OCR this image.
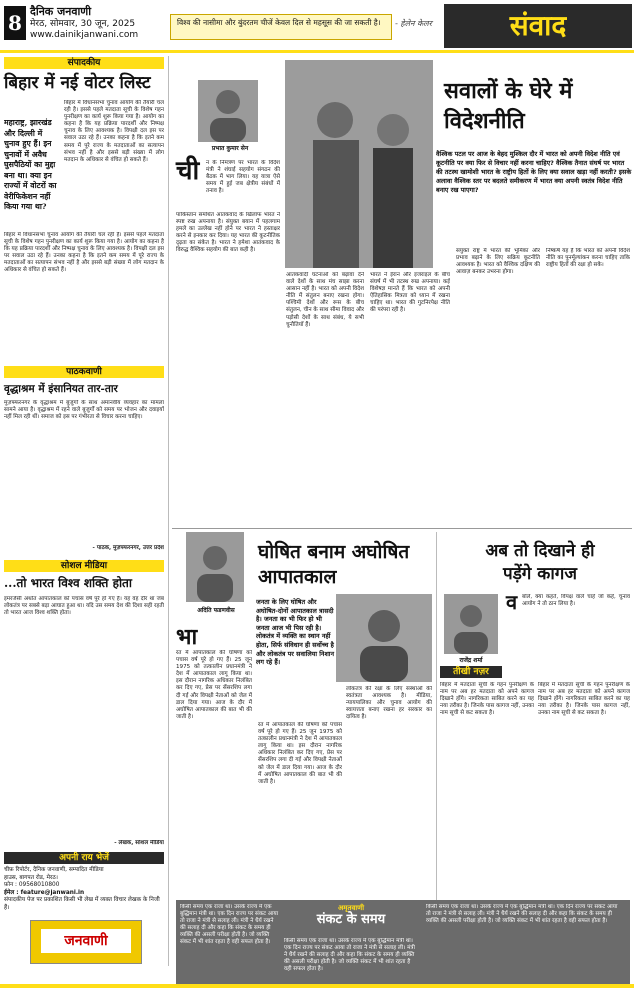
8 दैनिक जनवाणी
मेरठ, सोमवार, 30 जून, 2025
www.dainikjanwani.com
विश्व की नासीमा और बुंदरतम चीजें केवल दिल से महसूस की जा सकती है।	- हेलेन केलर	संवाद
संपादकीय
बिहार में नई वोटर लिस्ट
महाराष्ट्र, झारखंड और दिल्ली में चुनाव हुए हैं। इन चुनावों में अवैध घुसपैठियों का मुद्दा बना था। क्या इन राज्यों में वोटरों का वेरीफिकेशन नहीं किया गया था?
बिहार में विधानसभा चुनाव आयोग की तैयारी चल रही है। इससे पहले मतदाता सूची के विशेष गहन पुनरीक्षण का कार्य शुरू किया गया है। आयोग का कहना है कि यह प्रक्रिया पारदर्शी और निष्पक्ष चुनाव के लिए आवश्यक है। विपक्षी दल इस पर सवाल उठा रहे हैं। उनका कहना है कि इतने कम समय में पूरे राज्य के मतदाताओं का सत्यापन संभव नहीं है और इससे बड़ी संख्या में लोग मतदान के अधिकार से वंचित हो सकते हैं।
बिहार में विधानसभा चुनाव आयोग की तैयारी चल रही है। इससे पहले मतदाता सूची के विशेष गहन पुनरीक्षण का कार्य शुरू किया गया है। आयोग का कहना है कि यह प्रक्रिया पारदर्शी और निष्पक्ष चुनाव के लिए आवश्यक है। विपक्षी दल इस पर सवाल उठा रहे हैं। उनका कहना है कि इतने कम समय में पूरे राज्य के मतदाताओं का सत्यापन संभव नहीं है और इससे बड़ी संख्या में लोग मतदान के अधिकार से वंचित हो सकते हैं।
पाठकवाणी
वृद्धाश्रम में इंसानियत तार-तार
मुज़फ्फरनगर के वृद्धाश्रम में बुजुर्गों के साथ अमानवीय व्यवहार का मामला सामने आया है। वृद्धाश्रम में रहने वाले बुजुर्गों को समय पर भोजन और दवाइयाँ नहीं मिल रही थीं। समाज को इस पर गंभीरता से विचार करना चाहिए।
- पाठक, मुज़फ्फरनगर, उत्तर प्रदेश
सोशल मीडिया
...तो भारत विश्व शक्ति होता
इमरजेंसी अर्थात आपातकाल को पचास वर्ष पूरे हो गए हैं। यह वह दौर था जब लोकतंत्र पर सबसे बड़ा आघात हुआ था। यदि उस समय देश की दिशा सही रहती तो भारत आज विश्व शक्ति होता।
- लेखक, सोशल मीडिया
अपनी राय भेजें
चीफ़ रिपोर्टर, दैनिक जनवाणी, सम्पादित मीडिया
हाउस, बागपत रोड, मेरठ।
फ़ोन : 09568010800
ईमेल : feature@janwani.in
संपादकीय पेज पर प्रकाशित किसी भी लेख में व्यक्त विचार लेखक के निजी हैं।
जनवाणी
प्रभात कुमार सेन
सवालों के घेरे में
विदेशनीति
वैश्विक पटल पर आज के बेहद मुश्किल दौर में भारत को अपनी विदेश नीति एवं कूटनीति पर क्या फिर से विचार नहीं करना चाहिए? वैश्विक तैनात संघर्ष पर भारत की तटस्थ खामोशी भारत के राष्ट्रीय हितों के लिए क्या सवाल खड़ा नहीं करती? इसके अलावा वैश्विक स्तर पर बदलते समीकरण में भारत क्या अपनी स्वतंत्र विदेश नीति बनाए रख पाएगा?
ची न के निमंत्रण पर भारत के विदेश मंत्री ने शंघाई सहयोग संगठन की बैठक में भाग लिया। यह यात्रा ऐसे समय में हुई जब क्षेत्रीय संबंधों में तनाव है।
पाकिस्तान समर्थित आतंकवाद के खिलाफ भारत ने स्पष्ट रुख अपनाया है। संयुक्त बयान में पहलगाम हमले का उल्लेख नहीं होने पर भारत ने हस्ताक्षर करने से इनकार कर दिया। यह भारत की कूटनीतिक दृढ़ता का संकेत है। भारत ने हमेशा आतंकवाद के विरुद्ध वैश्विक सहयोग की बात कही है।
आतंकवादी घटनाओं को बढ़ावा देने वाले देशों के साथ मंच साझा करना आसान नहीं है। भारत को अपनी विदेश नीति में संतुलन बनाए रखना होगा। पश्चिमी देशों और रूस के बीच संतुलन, चीन के साथ सीमा विवाद और पड़ोसी देशों के साथ संबंध, ये सभी चुनौतियाँ हैं।
भारत ने ईरान और इजराइल के बीच संघर्ष में भी तटस्थ रुख अपनाया। कई विशेषज्ञ मानते हैं कि भारत को अपनी ऐतिहासिक मित्रता को ध्यान में रखना चाहिए था। भारत की गुटनिरपेक्ष नीति की परंपरा रही है।
संयुक्त राष्ट्र में भारत की भूमिका और प्रभाव बढ़ाने के लिए सक्रिय कूटनीति आवश्यक है। भारत को वैश्विक दक्षिण की आवाज़ बनकर उभरना होगा।
निष्कर्ष यह है कि भारत को अपनी विदेश नीति का पुनर्मूल्यांकन करना चाहिए ताकि राष्ट्रीय हितों की रक्षा हो सके।
अदिति फडणवीस
घोषित बनाम अघोषित
आपातकाल
जनता के लिए घोषित और अघोषित-दोनों आपातकाल त्रासदी है। जनता का भी फिर हो भी जनता आज भी पिस रही है। लोकतंत्र में व्यक्ति का स्थान नहीं होता, सिर्फ संविधान ही सर्वोच्च है और लोकतंत्र पर सवालिया निशान लग रहे हैं।
भा
रत में आपातकाल की घोषणा को पचास वर्ष पूरे हो गए हैं। 25 जून 1975 को तत्कालीन प्रधानमंत्री ने देश में आपातकाल लागू किया था। इस दौरान नागरिक अधिकार निलंबित कर दिए गए, प्रेस पर सेंसरशिप लगा दी गई और विपक्षी नेताओं को जेल में डाल दिया गया। आज के दौर में अघोषित आपातकाल की बात भी की जाती है।
रत में आपातकाल की घोषणा को पचास वर्ष पूरे हो गए हैं। 25 जून 1975 को तत्कालीन प्रधानमंत्री ने देश में आपातकाल लागू किया था। इस दौरान नागरिक अधिकार निलंबित कर दिए गए, प्रेस पर सेंसरशिप लगा दी गई और विपक्षी नेताओं को जेल में डाल दिया गया। आज के दौर में अघोषित आपातकाल की बात भी की जाती है।
लोकतंत्र की रक्षा के लिए संस्थाओं की स्वतंत्रता आवश्यक है। मीडिया, न्यायपालिका और चुनाव आयोग की स्वायत्तता बनाए रखना हर सरकार का दायित्व है।
अब तो दिखाने ही
पड़ेंगे कागज
राजेंद्र शर्मा
तीखी नज़र
व बोले, क्या कहते, विपक्ष वाले चाहे जो कहें, चुनाव आयोग ने तो ठान लिया है।
बिहार में मतदाता सूची के गहन पुनरीक्षण के नाम पर अब हर मतदाता को अपने कागज दिखाने होंगे। नागरिकता साबित करने का यह नया तरीका है। जिनके पास कागज नहीं, उनका नाम सूची से कट सकता है।
बिहार में मतदाता सूची के गहन पुनरीक्षण के नाम पर अब हर मतदाता को अपने कागज दिखाने होंगे। नागरिकता साबित करने का यह नया तरीका है। जिनके पास कागज नहीं, उनका नाम सूची से कट सकता है।
अमृतवाणी
संकट के समय
किसी समय एक राजा था। उसके राज्य में एक बुद्धिमान मंत्री था। एक दिन राज्य पर संकट आया तो राजा ने मंत्री से सलाह ली। मंत्री ने धैर्य रखने की सलाह दी और कहा कि संकट के समय ही व्यक्ति की असली परीक्षा होती है। जो व्यक्ति संकट में भी शांत रहता है वही सफल होता है।
किसी समय एक राजा था। उसके राज्य में एक बुद्धिमान मंत्री था। एक दिन राज्य पर संकट आया तो राजा ने मंत्री से सलाह ली। मंत्री ने धैर्य रखने की सलाह दी और कहा कि संकट के समय ही व्यक्ति की असली परीक्षा होती है। जो व्यक्ति संकट में भी शांत रहता है वही सफल होता है।
किसी समय एक राजा था। उसके राज्य में एक बुद्धिमान मंत्री था। एक दिन राज्य पर संकट आया तो राजा ने मंत्री से सलाह ली। मंत्री ने धैर्य रखने की सलाह दी और कहा कि संकट के समय ही व्यक्ति की असली परीक्षा होती है। जो व्यक्ति संकट में भी शांत रहता है वही सफल होता है।
